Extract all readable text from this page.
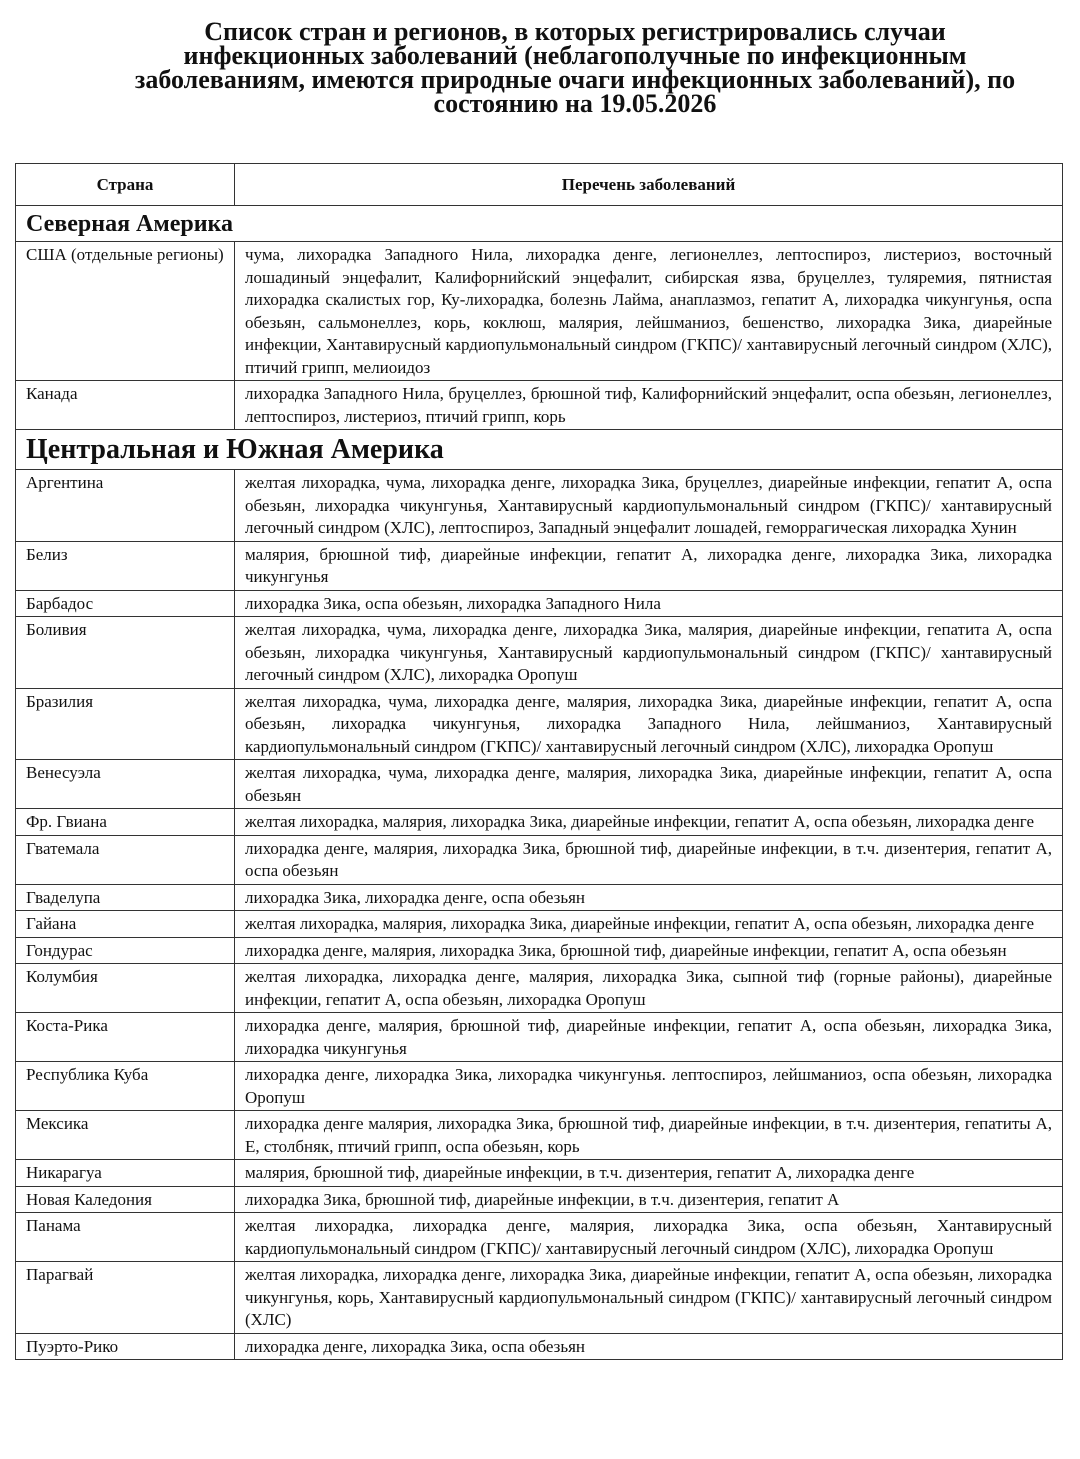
Список стран и регионов, в которых регистрировались случаи инфекционных заболеваний (неблагополучные по инфекционным заболеваниям, имеются природные очаги инфекционных заболеваний), по состоянию на 19.05.2026
Страна	Перечень заболеваний
Северная Америка	
США (отдельные регионы)	чума, лихорадка Западного Нила, лихорадка денге, легионеллез, лептоспироз, листериоз, восточный лошадиный энцефалит, Калифорнийский энцефалит, сибирская язва, бруцеллез, туляремия, пятнистая лихорадка скалистых гор, Ку-лихорадка, болезнь Лайма, анаплазмоз, гепатит А, лихорадка чикунгунья, оспа обезьян, сальмонеллез, корь, коклюш, малярия, лейшманиоз, бешенство, лихорадка Зика, диарейные инфекции, Хантавирусный кардиопульмональный синдром (ГКПС)/ хантавирусный легочный синдром (ХЛС), птичий грипп, мелиоидоз
Канада	лихорадка Западного Нила, бруцеллез, брюшной тиф, Калифорнийский энцефалит, оспа обезьян, легионеллез, лептоспироз, листериоз, птичий грипп, корь
Центральная и Южная Америка	
Аргентина	желтая лихорадка, чума, лихорадка денге, лихорадка Зика, бруцеллез, диарейные инфекции, гепатит А, оспа обезьян, лихорадка чикунгунья, Хантавирусный кардиопульмональный синдром (ГКПС)/ хантавирусный легочный синдром (ХЛС), лептоспироз, Западный энцефалит лошадей, геморрагическая лихорадка Хунин
Белиз	малярия, брюшной тиф, диарейные инфекции, гепатит А, лихорадка денге, лихорадка Зика, лихорадка чикунгунья
Барбадос	лихорадка Зика, оспа обезьян, лихорадка Западного Нила
Боливия	желтая лихорадка, чума, лихорадка денге, лихорадка Зика, малярия, диарейные инфекции, гепатита А, оспа обезьян, лихорадка чикунгунья, Хантавирусный кардиопульмональный синдром (ГКПС)/ хантавирусный легочный синдром (ХЛС), лихорадка Оропуш
Бразилия	желтая лихорадка, чума, лихорадка денге, малярия, лихорадка Зика, диарейные инфекции, гепатит А, оспа обезьян, лихорадка чикунгунья, лихорадка Западного Нила, лейшманиоз, Хантавирусный кардиопульмональный синдром (ГКПС)/ хантавирусный легочный синдром (ХЛС), лихорадка Оропуш
Венесуэла	желтая лихорадка, чума, лихорадка денге, малярия, лихорадка Зика, диарейные инфекции, гепатит А, оспа обезьян
Фр. Гвиана	желтая лихорадка, малярия, лихорадка Зика, диарейные инфекции, гепатит А, оспа обезьян, лихорадка денге
Гватемала	лихорадка денге, малярия, лихорадка Зика, брюшной тиф, диарейные инфекции, в т.ч. дизентерия, гепатит А, оспа обезьян
Гваделупа	лихорадка Зика, лихорадка денге, оспа обезьян
Гайана	желтая лихорадка, малярия, лихорадка Зика, диарейные инфекции, гепатит А, оспа обезьян, лихорадка денге
Гондурас	лихорадка денге, малярия, лихорадка Зика, брюшной тиф, диарейные инфекции, гепатит А, оспа обезьян
Колумбия	желтая лихорадка, лихорадка денге, малярия, лихорадка Зика, сыпной тиф (горные районы), диарейные инфекции, гепатит А, оспа обезьян, лихорадка Оропуш
Коста-Рика	лихорадка денге, малярия, брюшной тиф, диарейные инфекции, гепатит А, оспа обезьян, лихорадка Зика, лихорадка чикунгунья
Республика Куба	лихорадка денге, лихорадка Зика, лихорадка чикунгунья. лептоспироз, лейшманиоз, оспа обезьян, лихорадка Оропуш
Мексика	лихорадка денге малярия, лихорадка Зика, брюшной тиф, диарейные инфекции, в т.ч. дизентерия, гепатиты А, Е, столбняк, птичий грипп, оспа обезьян, корь
Никарагуа	малярия, брюшной тиф, диарейные инфекции, в т.ч. дизентерия, гепатит А, лихорадка денге
Новая Каледония	лихорадка Зика, брюшной тиф, диарейные инфекции, в т.ч. дизентерия, гепатит А
Панама	желтая лихорадка, лихорадка денге, малярия, лихорадка Зика, оспа обезьян, Хантавирусный кардиопульмональный синдром (ГКПС)/ хантавирусный легочный синдром (ХЛС), лихорадка Оропуш
Парагвай	желтая лихорадка, лихорадка денге, лихорадка Зика, диарейные инфекции, гепатит А, оспа обезьян, лихорадка чикунгунья, корь, Хантавирусный кардиопульмональный синдром (ГКПС)/ хантавирусный легочный синдром (ХЛС)
Пуэрто-Рико	лихорадка денге, лихорадка Зика, оспа обезьян
